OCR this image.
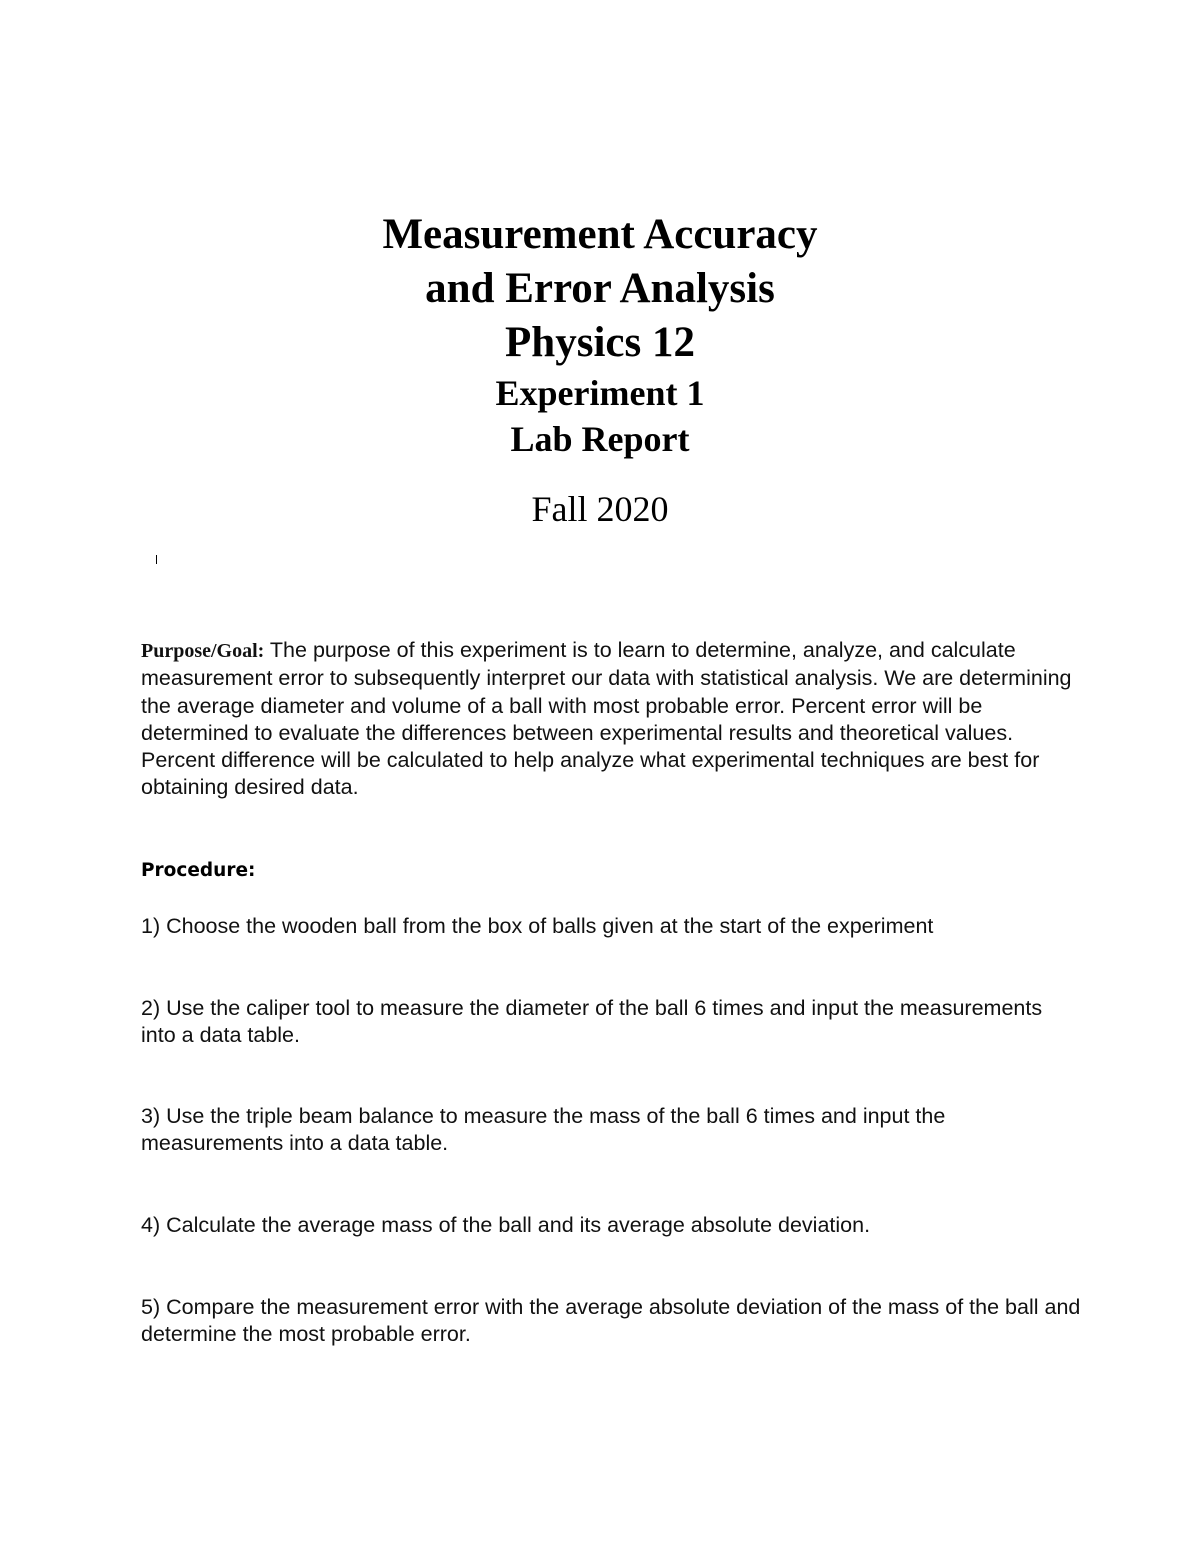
Measurement Accuracy
and Error Analysis
Physics 12
Experiment 1
Lab Report
Fall 2020
Purpose/Goal: The purpose of this experiment is to learn to determine, analyze, and calculate measurement error to subsequently interpret our data with statistical analysis. We are determining the average diameter and volume of a ball with most probable error. Percent error will be determined to evaluate the differences between experimental results and theoretical values. Percent difference will be calculated to help analyze what experimental techniques are best for obtaining desired data.
Procedure:
1) Choose the wooden ball from the box of balls given at the start of the experiment
2) Use the caliper tool to measure the diameter of the ball 6 times and input the measurements into a data table.
3) Use the triple beam balance to measure the mass of the ball 6 times and input the measurements into a data table.
4) Calculate the average mass of the ball and its average absolute deviation.
5) Compare the measurement error with the average absolute deviation of the mass of the ball and determine the most probable error.
